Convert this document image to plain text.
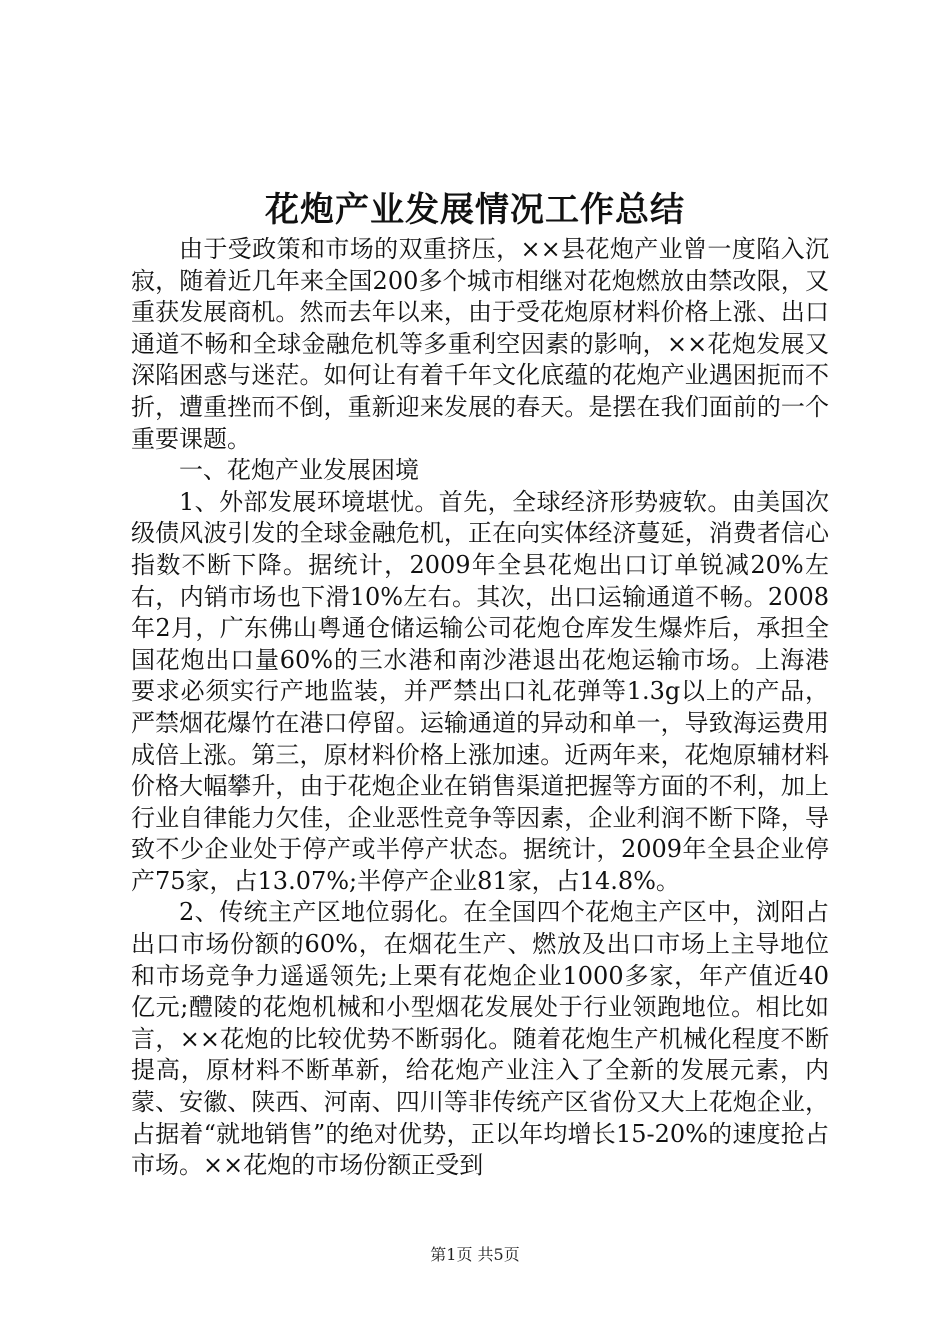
花炮产业发展情况工作总结

由于受政策和市场的双重挤压，××县花炮产业曾一度陷入沉寂，随着近几年来全国200多个城市相继对花炮燃放由禁改限，又重获发展商机。然而去年以来，由于受花炮原材料价格上涨、出口通道不畅和全球金融危机等多重利空因素的影响，××花炮发展又深陷困惑与迷茫。如何让有着千年文化底蕴的花炮产业遇困扼而不折，遭重挫而不倒，重新迎来发展的春天。是摆在我们面前的一个重要课题。

一、花炮产业发展困境

1、外部发展环境堪忧。首先，全球经济形势疲软。由美国次级债风波引发的全球金融危机，正在向实体经济蔓延，消费者信心指数不断下降。据统计，2009年全县花炮出口订单锐减20%左右，内销市场也下滑10%左右。其次，出口运输通道不畅。2008年2月，广东佛山粤通仓储运输公司花炮仓库发生爆炸后，承担全国花炮出口量60%的三水港和南沙港退出花炮运输市场。上海港要求必须实行产地监装，并严禁出口礼花弹等1.3g以上的产品，严禁烟花爆竹在港口停留。运输通道的异动和单一，导致海运费用成倍上涨。第三，原材料价格上涨加速。近两年来，花炮原辅材料价格大幅攀升，由于花炮企业在销售渠道把握等方面的不利，加上行业自律能力欠佳，企业恶性竞争等因素，企业利润不断下降，导致不少企业处于停产或半停产状态。据统计，2009年全县企业停产75家，占13.07%;半停产企业81家，占14.8%。

2、传统主产区地位弱化。在全国四个花炮主产区中，浏阳占出口市场份额的60%，在烟花生产、燃放及出口市场上主导地位和市场竞争力遥遥领先;上栗有花炮企业1000多家，年产值近40亿元;醴陵的花炮机械和小型烟花发展处于行业领跑地位。相比如言，××花炮的比较优势不断弱化。随着花炮生产机械化程度不断提高，原材料不断革新，给花炮产业注入了全新的发展元素，内蒙、安徽、陕西、河南、四川等非传统产区省份又大上花炮企业，占据着“就地销售”的绝对优势，正以年均增长15-20%的速度抢占市场。××花炮的市场份额正受到

第1页 共5页
